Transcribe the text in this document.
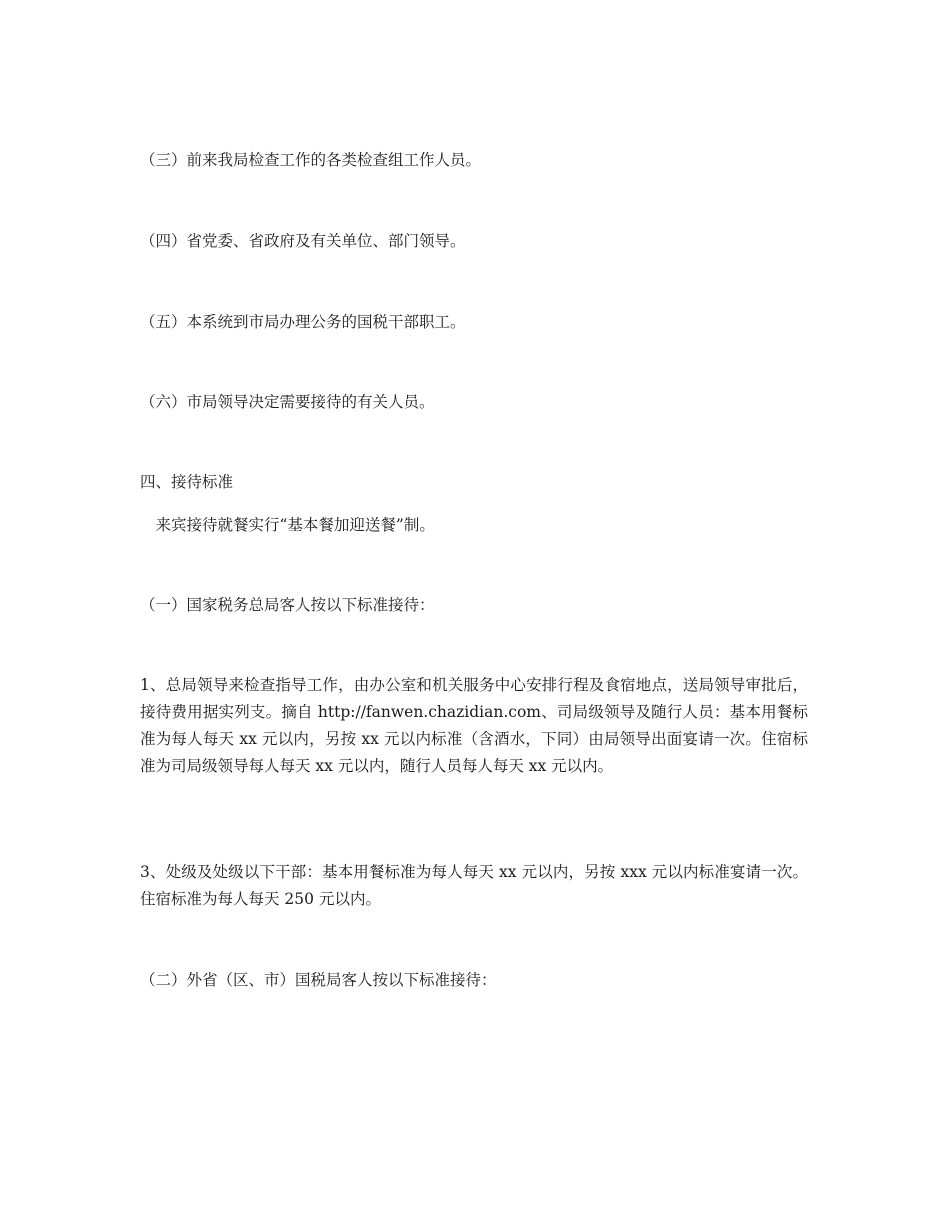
（三）前来我局检查工作的各类检查组工作人员。

（四）省党委、省政府及有关单位、部门领导。

（五）本系统到市局办理公务的国税干部职工。

（六）市局领导决定需要接待的有关人员。

四、接待标准

　来宾接待就餐实行“基本餐加迎送餐”制。

（一）国家税务总局客人按以下标准接待：

1、总局领导来检查指导工作，由办公室和机关服务中心安排行程及食宿地点，送局领导审批后，接待费用据实列支。摘自 http://fanwen.chazidian.com、司局级领导及随行人员：基本用餐标准为每人每天 xx 元以内，另按 xx 元以内标准（含酒水，下同）由局领导出面宴请一次。住宿标准为司局级领导每人每天 xx 元以内，随行人员每人每天 xx 元以内。

3、处级及处级以下干部：基本用餐标准为每人每天 xx 元以内，另按 xxx 元以内标准宴请一次。住宿标准为每人每天 250 元以内。

（二）外省（区、市）国税局客人按以下标准接待：
